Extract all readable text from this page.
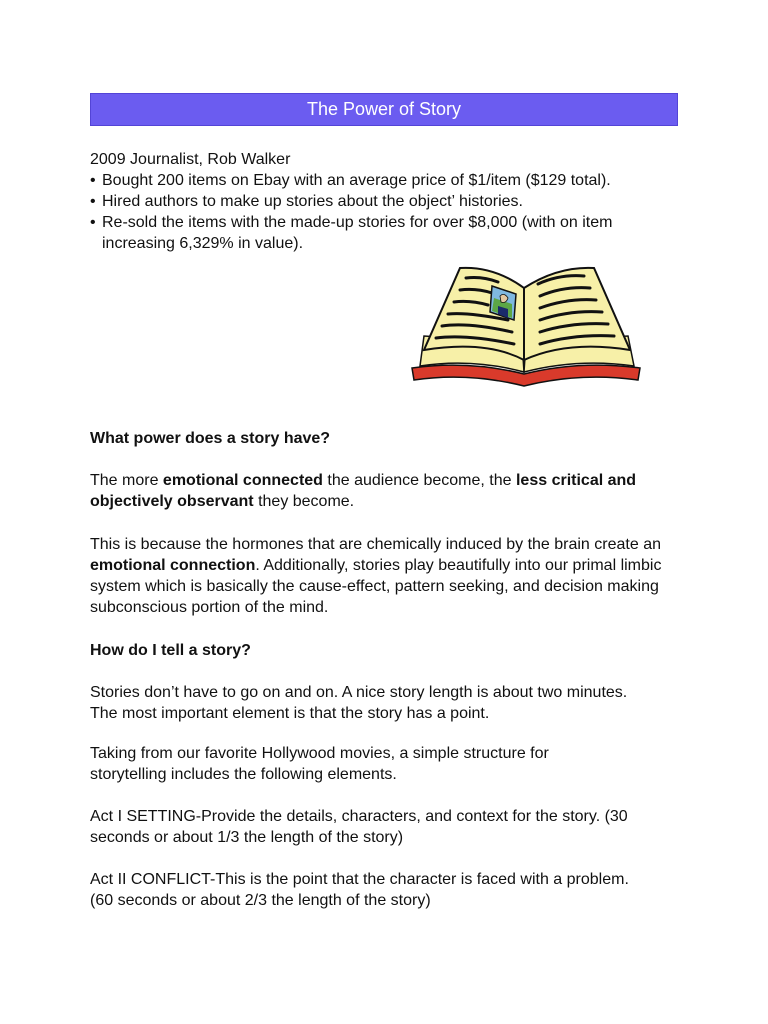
The Power of Story
2009 Journalist, Rob Walker
• Bought 200 items on Ebay with an average price of $1/item ($129 total).
• Hired authors to make up stories about the object’ histories.
• Re-sold the items with the made-up stories for over $8,000 (with on item increasing 6,329% in value).
What power does a story have?

The more emotional connected the audience become, the less critical and objectively observant they become.

This is because the hormones that are chemically induced by the brain create an emotional connection. Additionally, stories play beautifully into our primal limbic system which is basically the cause-effect, pattern seeking, and decision making subconscious portion of the mind.

How do I tell a story?

Stories don’t have to go on and on. A nice story length is about two minutes. The most important element is that the story has a point.

Taking from our favorite Hollywood movies, a simple structure for storytelling includes the following elements.

Act I SETTING-Provide the details, characters, and context for the story. (30 seconds or about 1/3 the length of the story)

Act II CONFLICT-This is the point that the character is faced with a problem. (60 seconds or about 2/3 the length of the story)
